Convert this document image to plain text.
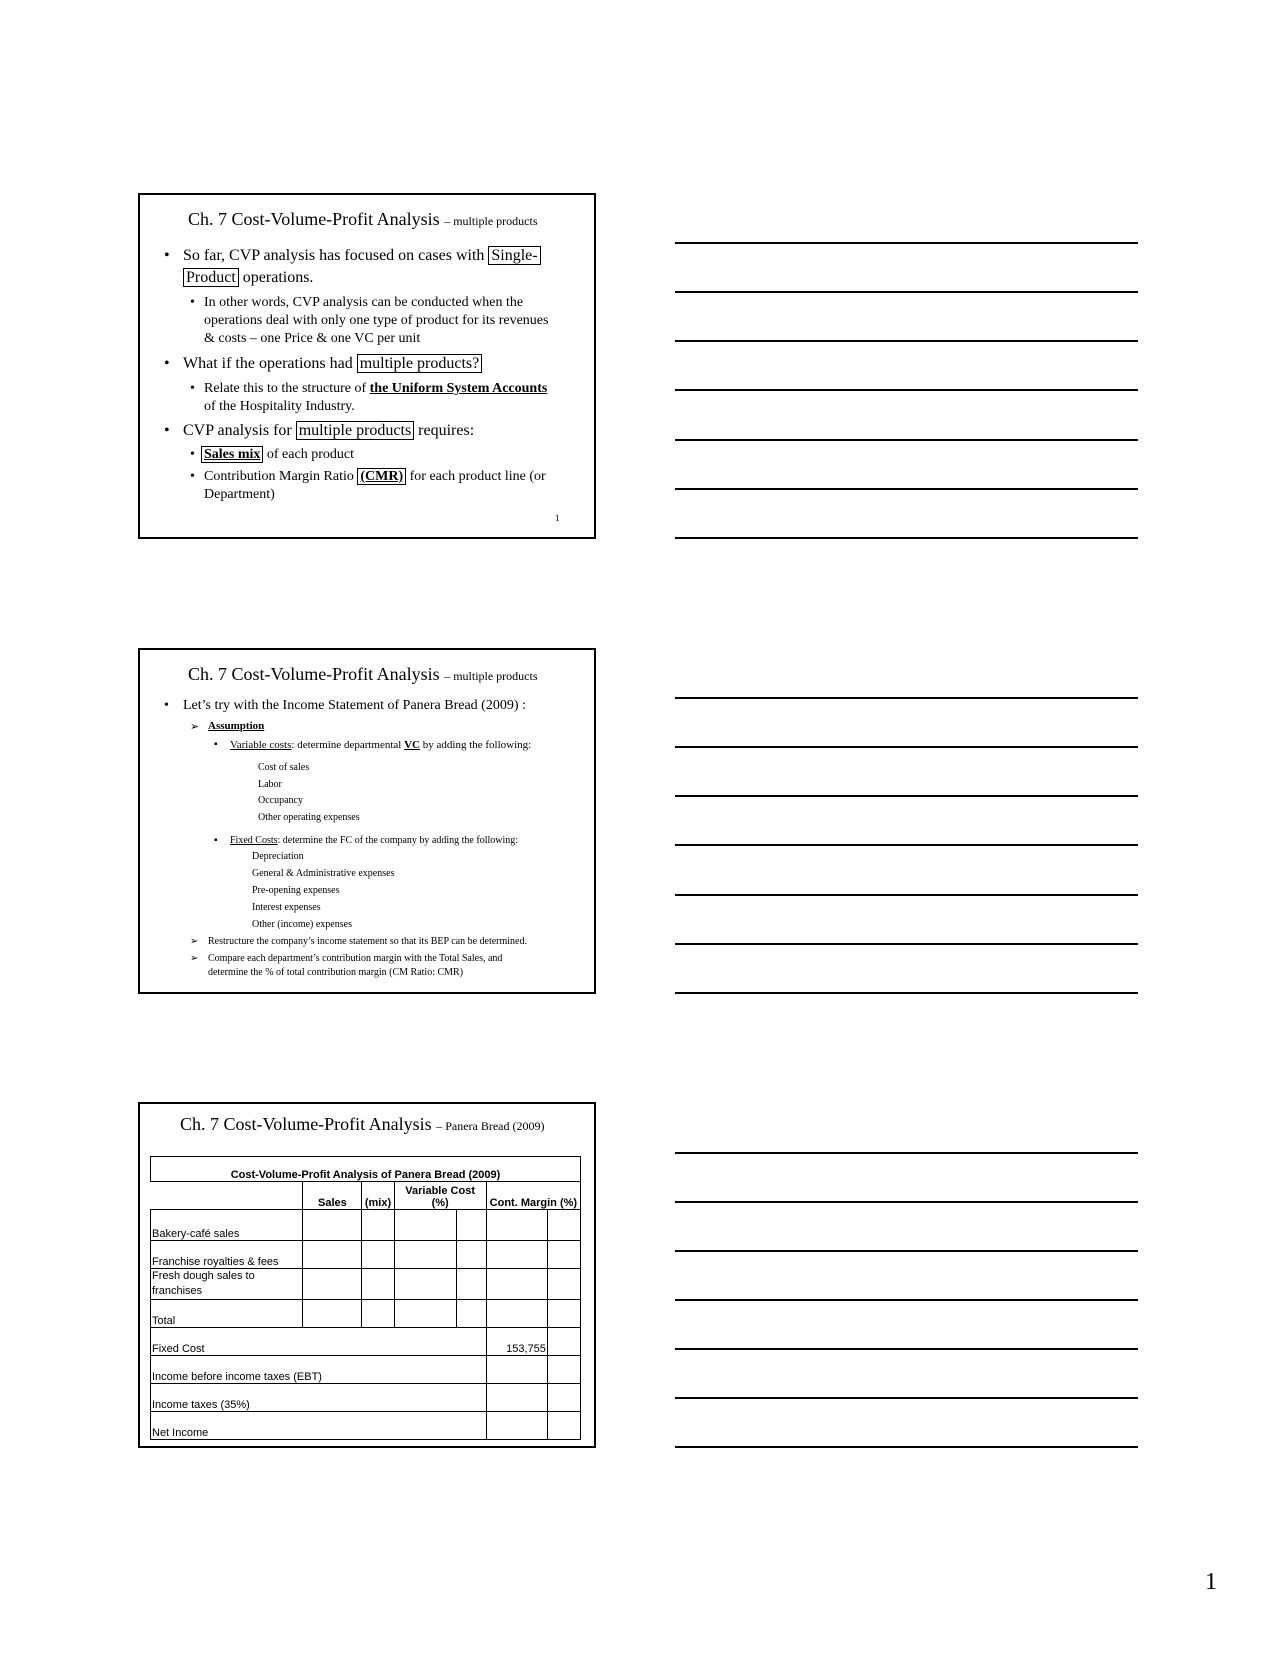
Ch. 7 Cost-Volume-Profit Analysis – multiple products
• So far, CVP analysis has focused on cases with Single-
Product operations.
• In other words, CVP analysis can be conducted when the
operations deal with only one type of product for its revenues
& costs – one Price & one VC per unit
• What if the operations had multiple products?
• Relate this to the structure of the Uniform System Accounts
of the Hospitality Industry.
• CVP analysis for multiple products requires:
• Sales mix of each product
• Contribution Margin Ratio (CMR) for each product line (or
Department)
1
Ch. 7 Cost-Volume-Profit Analysis – multiple products
• Let’s try with the Income Statement of Panera Bread (2009) :
➢ Assumption
▪ Variable costs: determine departmental VC by adding the following:
Cost of sales
Labor
Occupancy
Other operating expenses
▪ Fixed Costs: determine the FC of the company by adding the following:
Depreciation
General & Administrative expenses
Pre-opening expenses
Interest expenses
Other (income) expenses
➢ Restructure the company’s income statement so that its BEP can be determined.
➢ Compare each department’s contribution margin with the Total Sales, and
determine the % of total contribution margin (CM Ratio: CMR)
Ch. 7 Cost-Volume-Profit Analysis – Panera Bread (2009)
Cost-Volume-Profit Analysis of Panera Bread (2009)						
	Sales	(mix)	Variable Cost (%)		Cont. Margin (%)	
Bakery-café sales						
Franchise royalties & fees						
Fresh dough sales to franchises						
Total						
Fixed Cost					153,755	
Income before income taxes (EBT)						
Income taxes (35%)						
Net Income						
1
